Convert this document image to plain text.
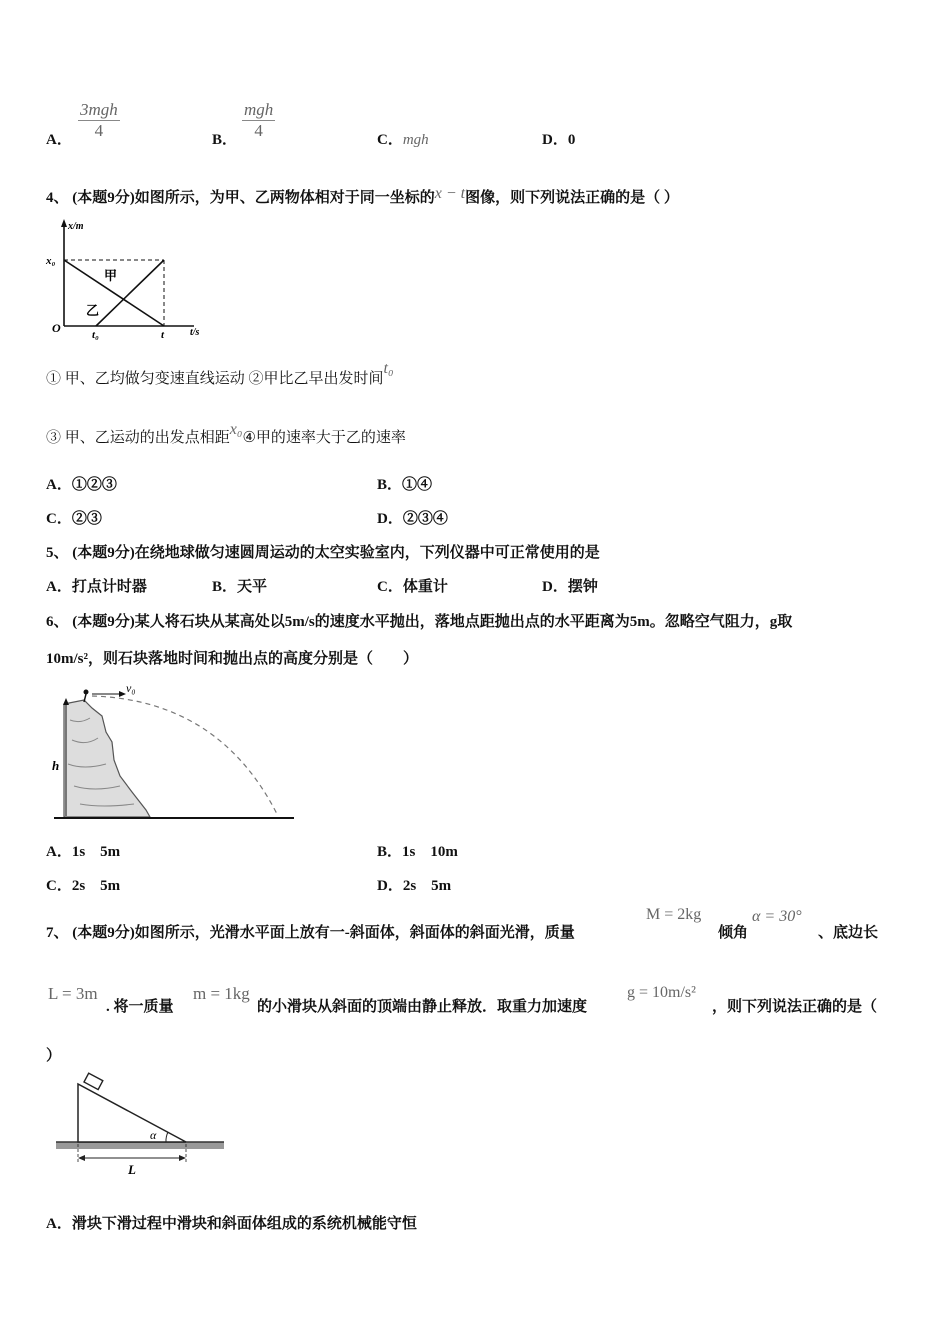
A．
3mgh
4	B．
mgh
4	C．mgh	D．0
4、 (本题9分)如图所示，为甲、乙两物体相对于同一坐标的x − t图像，则下列说法正确的是（ ）
x/m
x₀
O	t₀	t	t/s
甲
乙
① 甲、乙均做匀变速直线运动 ②甲比乙早出发时间t₀
③ 甲、乙运动的出发点相距x₀④甲的速率大于乙的速率
A．①②③	B．①④
C．②③	D．②③④
5、 (本题9分)在绕地球做匀速圆周运动的太空实验室内，下列仪器中可正常使用的是
A．打点计时器	B．天平	C．体重计	D．摆钟
6、 (本题9分)某人将石块从某高处以5m/s的速度水平抛出，落地点距抛出点的水平距离为5m。忽略空气阻力，g取
10m/s²，则石块落地时间和抛出点的高度分别是（　　）
h
v₀
A．1s　5m	B．1s　10m
C．2s　5m	D．2s　5m
7、 (本题9分)如图所示，光滑水平面上放有一-斜面体，斜面体的斜面光滑，质量
M = 2kg
倾角
α = 30°
、底边长
L = 3m
. 将一质量
m = 1kg
的小滑块从斜面的顶端由静止释放．取重力加速度
g = 10m/s²
，则下列说法正确的是（
）
α
L
A．滑块下滑过程中滑块和斜面体组成的系统机械能守恒
